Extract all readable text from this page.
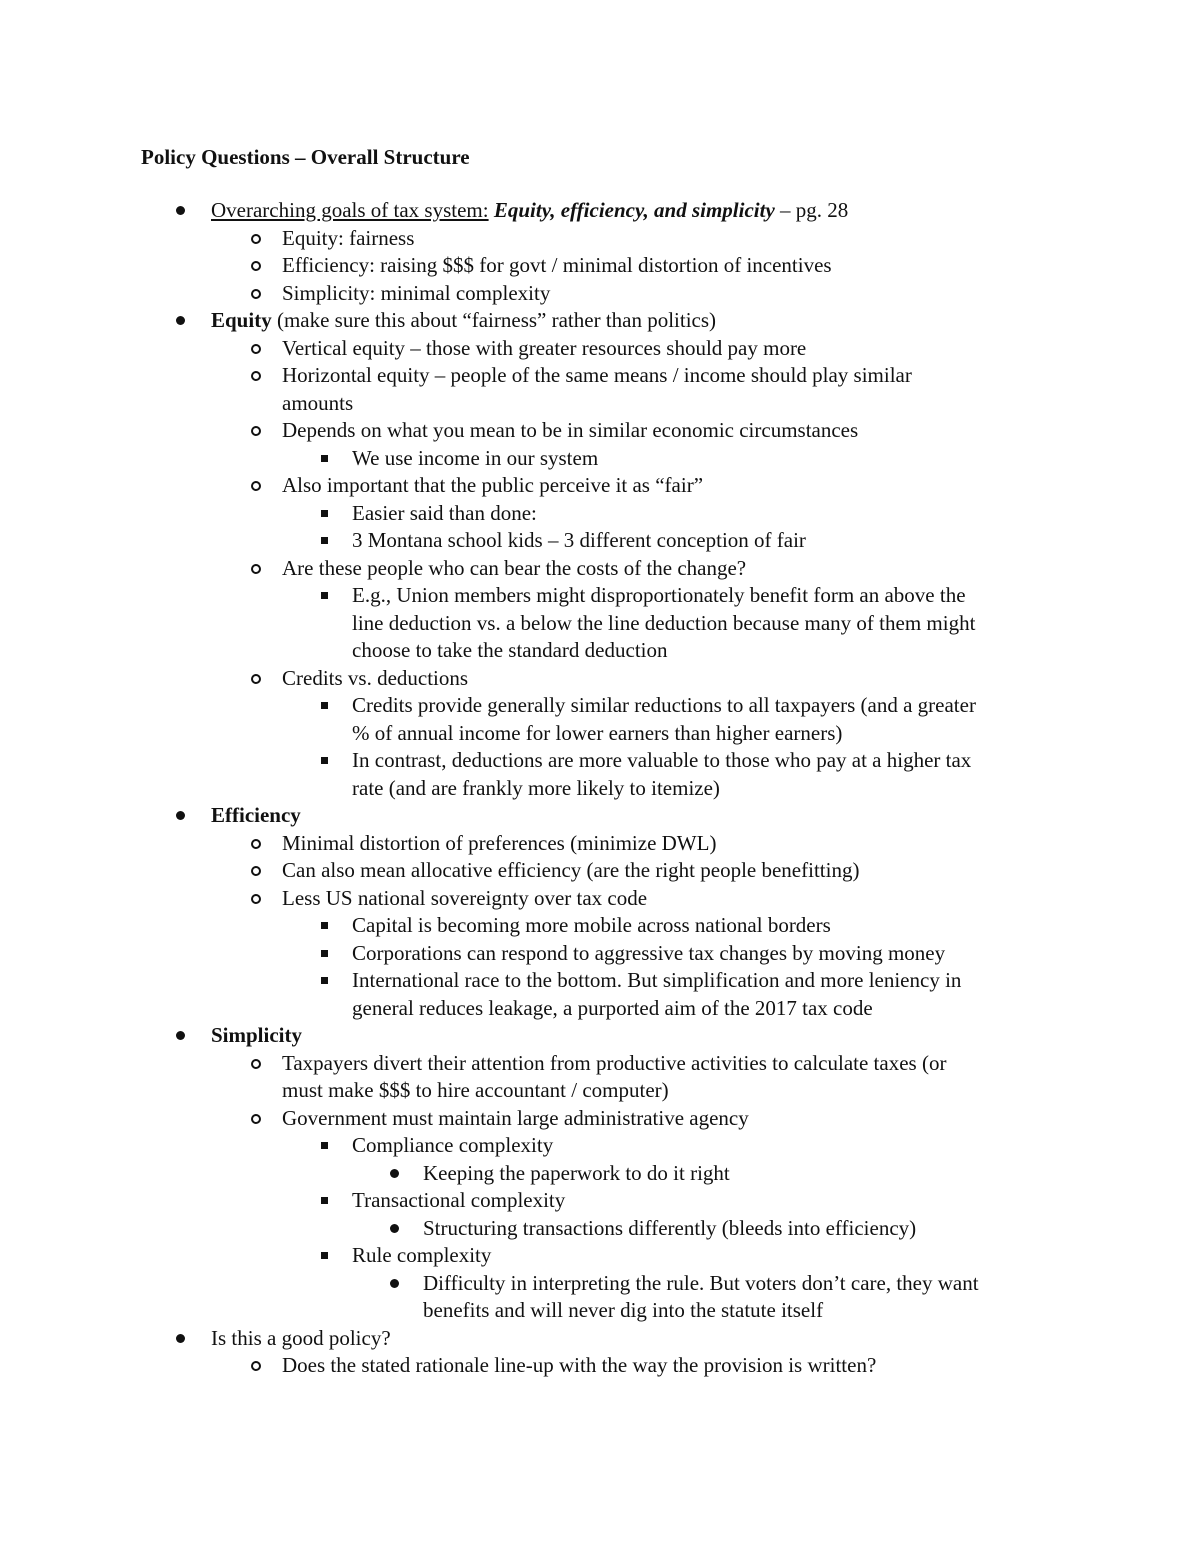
Policy Questions – Overall Structure
Overarching goals of tax system: Equity, efficiency, and simplicity – pg. 28
Equity: fairness
Efficiency: raising $$$ for govt / minimal distortion of incentives
Simplicity: minimal complexity
Equity (make sure this about “fairness” rather than politics)
Vertical equity – those with greater resources should pay more
Horizontal equity – people of the same means / income should play similar
amounts
Depends on what you mean to be in similar economic circumstances
We use income in our system
Also important that the public perceive it as “fair”
Easier said than done:
3 Montana school kids – 3 different conception of fair
Are these people who can bear the costs of the change?
E.g., Union members might disproportionately benefit form an above the
line deduction vs. a below the line deduction because many of them might
choose to take the standard deduction
Credits vs. deductions
Credits provide generally similar reductions to all taxpayers (and a greater
% of annual income for lower earners than higher earners)
In contrast, deductions are more valuable to those who pay at a higher tax
rate (and are frankly more likely to itemize)
Efficiency
Minimal distortion of preferences (minimize DWL)
Can also mean allocative efficiency (are the right people benefitting)
Less US national sovereignty over tax code
Capital is becoming more mobile across national borders
Corporations can respond to aggressive tax changes by moving money
International race to the bottom. But simplification and more leniency in
general reduces leakage, a purported aim of the 2017 tax code
Simplicity
Taxpayers divert their attention from productive activities to calculate taxes (or
must make $$$ to hire accountant / computer)
Government must maintain large administrative agency
Compliance complexity
Keeping the paperwork to do it right
Transactional complexity
Structuring transactions differently (bleeds into efficiency)
Rule complexity
Difficulty in interpreting the rule. But voters don’t care, they want
benefits and will never dig into the statute itself
Is this a good policy?
Does the stated rationale line-up with the way the provision is written?
